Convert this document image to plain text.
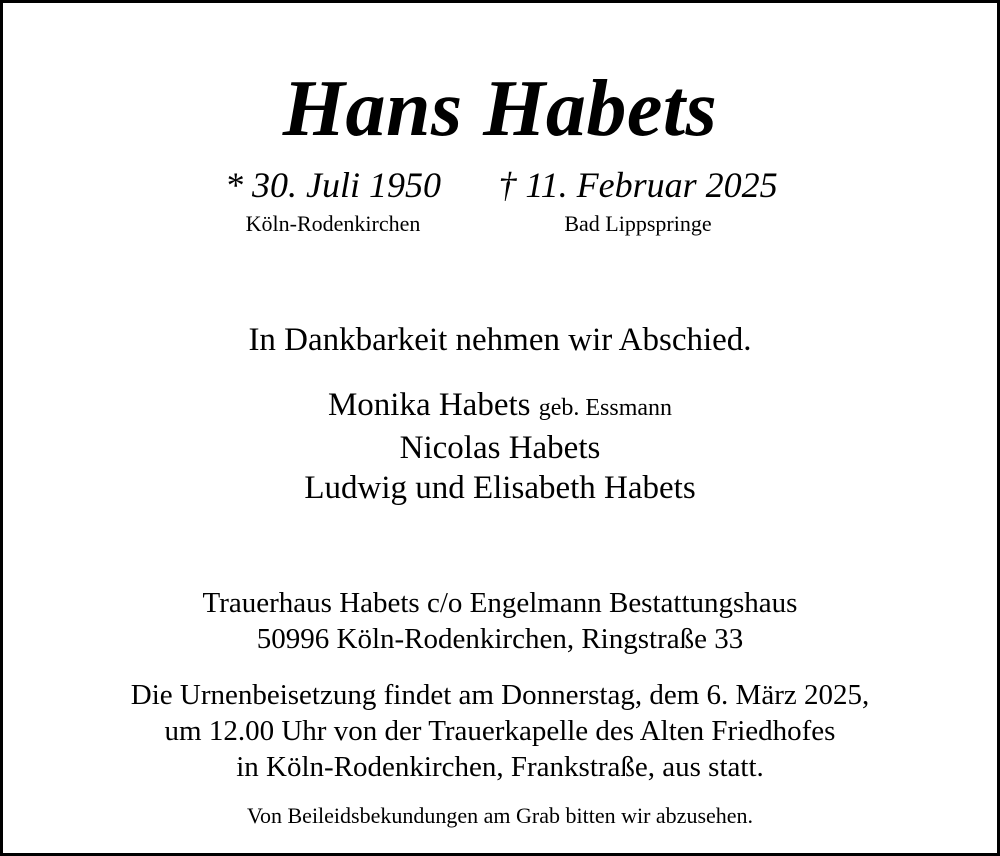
Hans Habets
* 30. Juli 1950
Köln-Rodenkirchen
† 11. Februar 2025
Bad Lippspringe
In Dankbarkeit nehmen wir Abschied.
Monika Habets geb. Essmann
Nicolas Habets
Ludwig und Elisabeth Habets
Trauerhaus Habets c/o Engelmann Bestattungshaus
50996 Köln-Rodenkirchen, Ringstraße 33
Die Urnenbeisetzung findet am Donnerstag, dem 6. März 2025,
um 12.00 Uhr von der Trauerkapelle des Alten Friedhofes
in Köln-Rodenkirchen, Frankstraße, aus statt.
Von Beileidsbekundungen am Grab bitten wir abzusehen.
